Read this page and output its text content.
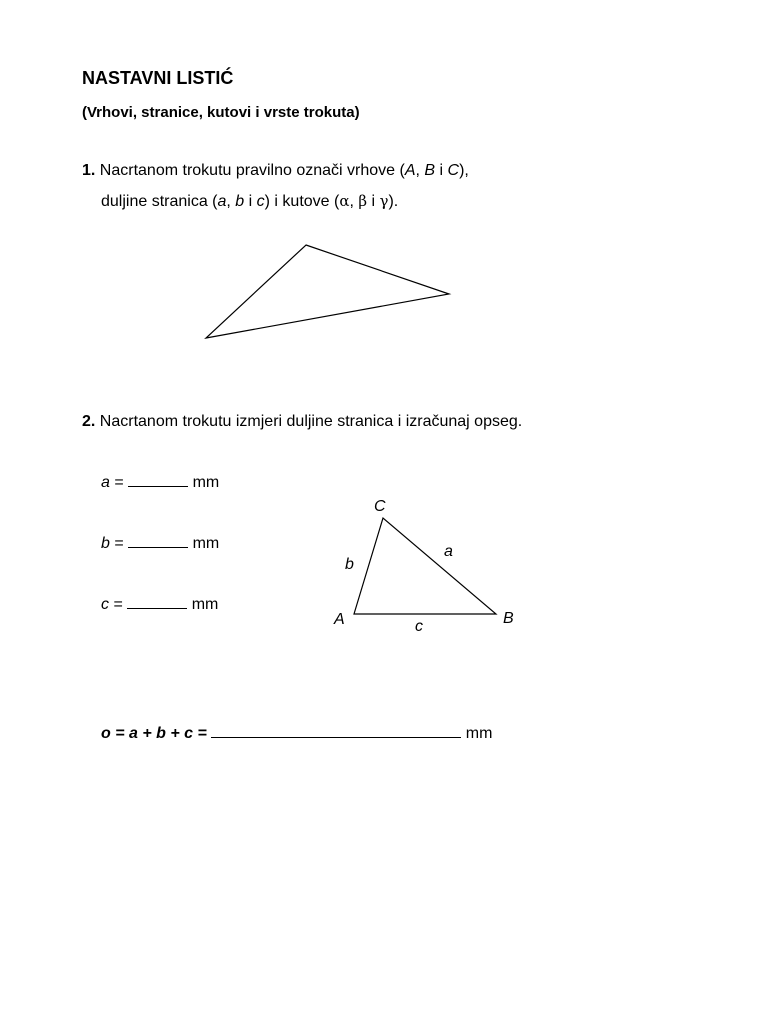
NASTAVNI LISTIĆ
(Vrhovi, stranice, kutovi i vrste trokuta)
1. Nacrtanom trokutu pravilno označi vrhove (A, B i C),
duljine stranica (a, b i c) i kutove (α, β i γ).
2. Nacrtanom trokutu izmjeri duljine stranica i izračunaj opseg.
a =	mm
b =	mm
c =	mm
C
a
b
A	c	B
o = a + b + c =	mm
